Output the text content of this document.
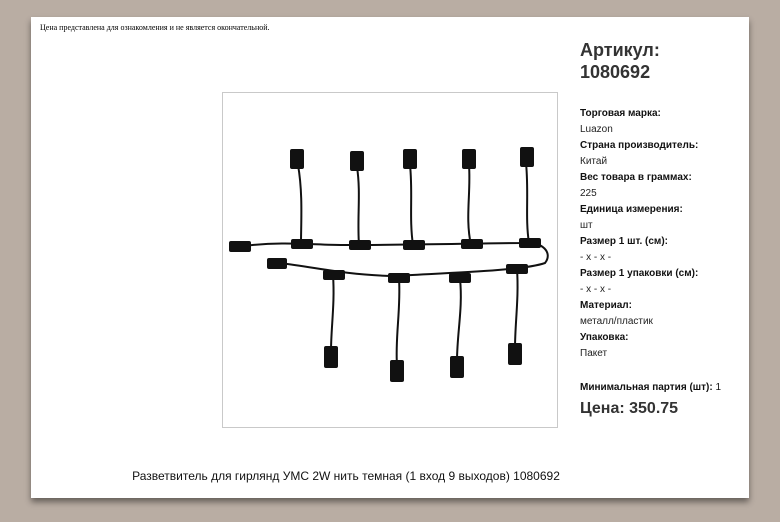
Цена представлена для ознакомления и не является окончательной.
Артикул:
1080692
Торговая марка:
Luazon
Страна производитель:
Китай
Вес товара в граммах:
225
Единица измерения:
шт
Размер 1 шт. (см):
- x - x -
Размер 1 упаковки (см):
- x - x -
Материал:
металл/пластик
Упаковка:
Пакет
Минимальная партия (шт): 1
Цена: 350.75
Разветвитель для гирлянд УМС 2W нить темная (1 вход 9 выходов) 1080692
